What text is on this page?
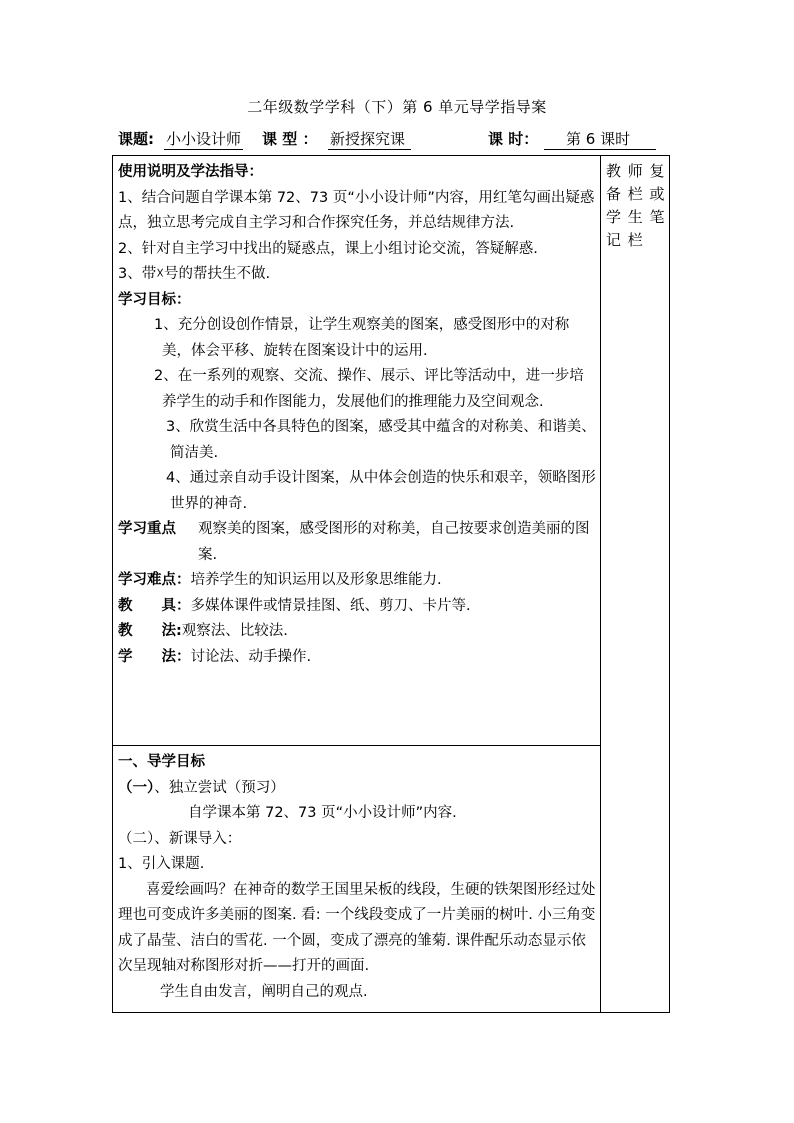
二年级数学学科（下）第 6 单元导学指导案
课题: 小小设计师 课 型 ： 新授探究课	课 时：	第 6 课时
教 师 复 备 栏 或 学 生 笔 记 栏

使用说明及学法指导：

1、结合问题自学课本第 72、73 页“小小设计师”内容，用红笔勾画出疑惑点，独立思考完成自主学习和合作探究任务，并总结规律方法.

2、针对自主学习中找出的疑惑点，课上小组讨论交流，答疑解惑.

3、带☓号的帮扶生不做.

学习目标：

1、充分创设创作情景，让学生观察美的图案，感受图形中的对称美，体会平移、旋转在图案设计中的运用.

2、在一系列的观察、交流、操作、展示、评比等活动中，进一步培养学生的动手和作图能力，发展他们的推理能力及空间观念.

3、欣赏生活中各具特色的图案，感受其中蕴含的对称美、和谐美、简洁美.

4、通过亲自动手设计图案，从中体会创造的快乐和艰辛，领略图形世界的神奇.

学习重点 观察美的图案，感受图形的对称美，自己按要求创造美丽的图案.

学习难点：培养学生的知识运用以及形象思维能力.

教　　具：多媒体课件或情景挂图、纸、剪刀、卡片等.

教　　法:观察法、比较法.

学　　法：讨论法、动手操作.

一、导学目标

（一）、独立尝试（预习）

自学课本第 72、73 页“小小设计师”内容.

（二）、新课导入：

1、引入课题.

喜爱绘画吗？在神奇的数学王国里呆板的线段，生硬的铁架图形经过处理也可变成许多美丽的图案. 看: 一个线段变成了一片美丽的树叶. 小三角变成了晶莹、洁白的雪花. 一个圆，变成了漂亮的雏菊. 课件配乐动态显示依次呈现轴对称图形对折——打开的画面.

学生自由发言，阐明自己的观点.
